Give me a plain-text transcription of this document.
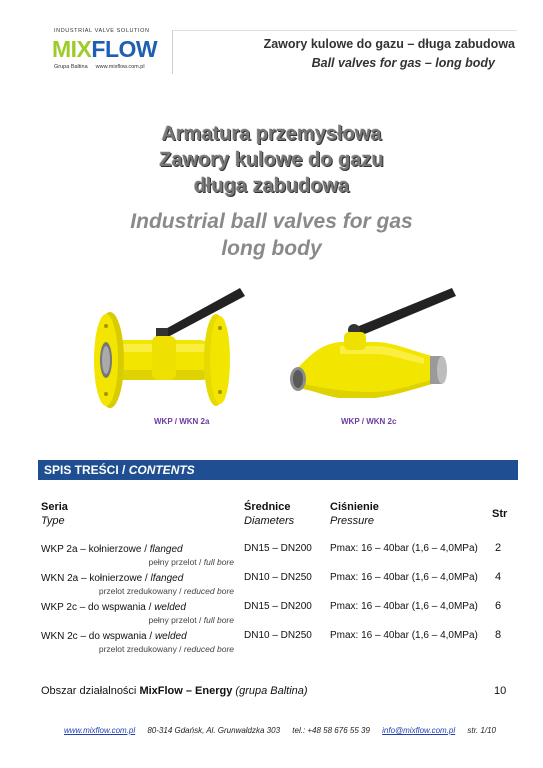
INDUSTRIAL VALVE SOLUTION
MIXFLOW
Grupa Baltina www.mixflow.com.pl
Zawory kulowe do gazu – długa zabudowa
Ball valves for gas – long body
Armatura przemysłowa
Zawory kulowe do gazu
długa zabudowa
Industrial ball valves for gas
long body
WKP / WKN 2a	WKP / WKN 2c
SPIS TREŚCI / CONTENTS
Seria
Type
Średnice
Diameters
Ciśnienie
Pressure
Str
WKP 2a – kołnierzowe / flanged
pełny przelot / full bore
DN15 – DN200 Pmax: 16 – 40bar (1,6 – 4,0MPa) 2
WKN 2a – kołnierzowe / lfanged
przelot zredukowany / reduced bore
DN10 – DN250 Pmax: 16 – 40bar (1,6 – 4,0MPa) 4
WKP 2c – do wspwania / welded
pełny przelot / full bore
DN15 – DN200 Pmax: 16 – 40bar (1,6 – 4,0MPa) 6
WKN 2c – do wspwania / welded
przelot zredukowany / reduced bore
DN10 – DN250 Pmax: 16 – 40bar (1,6 – 4,0MPa) 8
Obszar działalności MixFlow – Energy (grupa Baltina)	10
www.mixflow.com.pl 80-314 Gdańsk, Al. Grunwaldzka 303 tel.: +48 58 676 55 39 info@mixflow.com.pl str. 1/10
